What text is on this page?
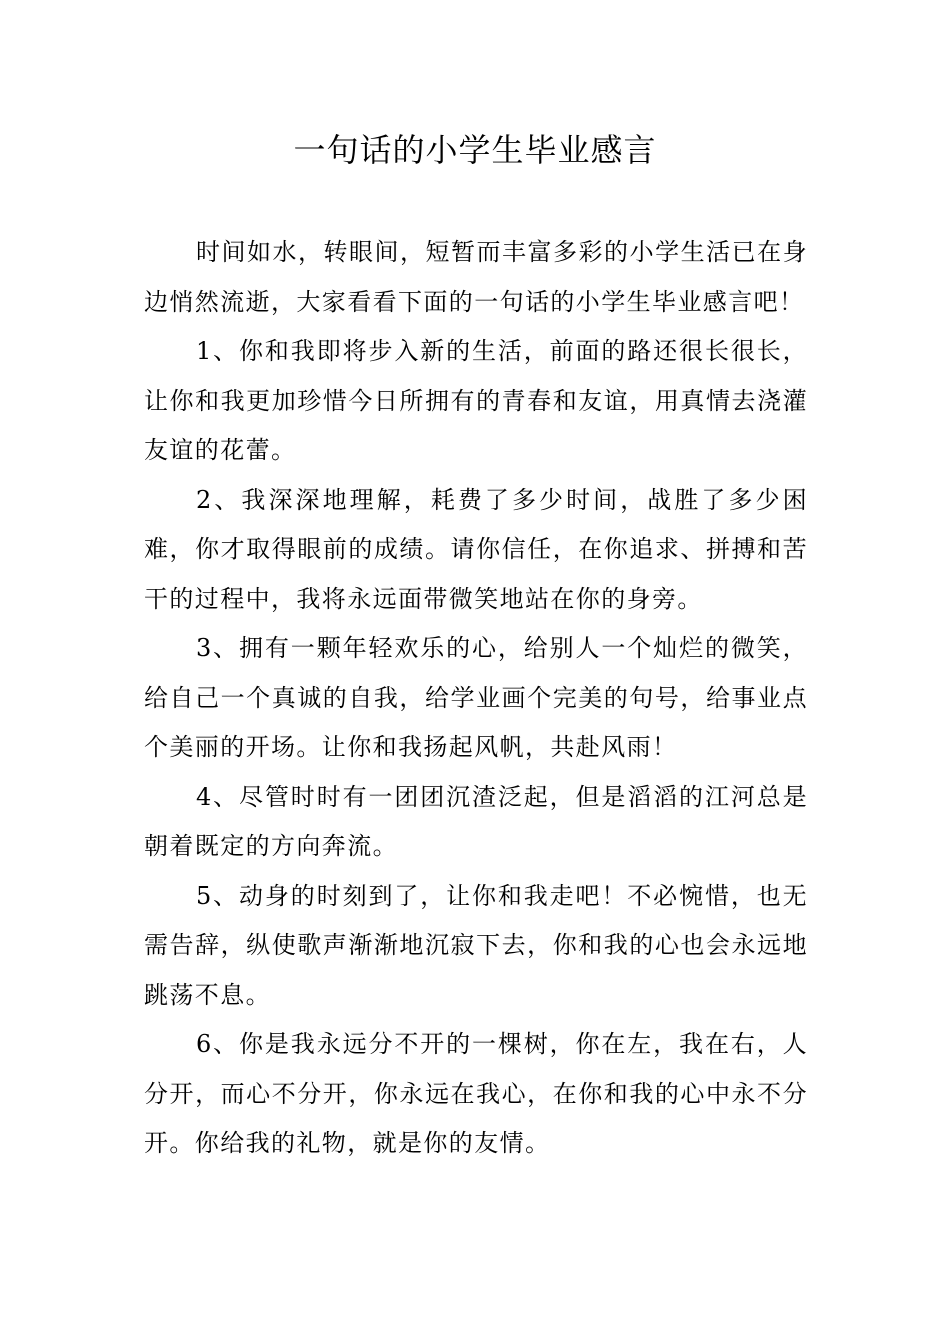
一句话的小学生毕业感言

时间如水，转眼间，短暂而丰富多彩的小学生活已在身边悄然流逝，大家看看下面的一句话的小学生毕业感言吧！

1、你和我即将步入新的生活，前面的路还很长很长，让你和我更加珍惜今日所拥有的青春和友谊，用真情去浇灌友谊的花蕾。

2、我深深地理解，耗费了多少时间，战胜了多少困难，你才取得眼前的成绩。请你信任，在你追求、拼搏和苦干的过程中，我将永远面带微笑地站在你的身旁。

3、拥有一颗年轻欢乐的心，给别人一个灿烂的微笑，给自己一个真诚的自我，给学业画个完美的句号，给事业点个美丽的开场。让你和我扬起风帆，共赴风雨！

4、尽管时时有一团团沉渣泛起，但是滔滔的江河总是朝着既定的方向奔流。

5、动身的时刻到了，让你和我走吧！不必惋惜，也无需告辞，纵使歌声渐渐地沉寂下去，你和我的心也会永远地跳荡不息。

6、你是我永远分不开的一棵树，你在左，我在右，人分开，而心不分开，你永远在我心，在你和我的心中永不分开。你给我的礼物，就是你的友情。
